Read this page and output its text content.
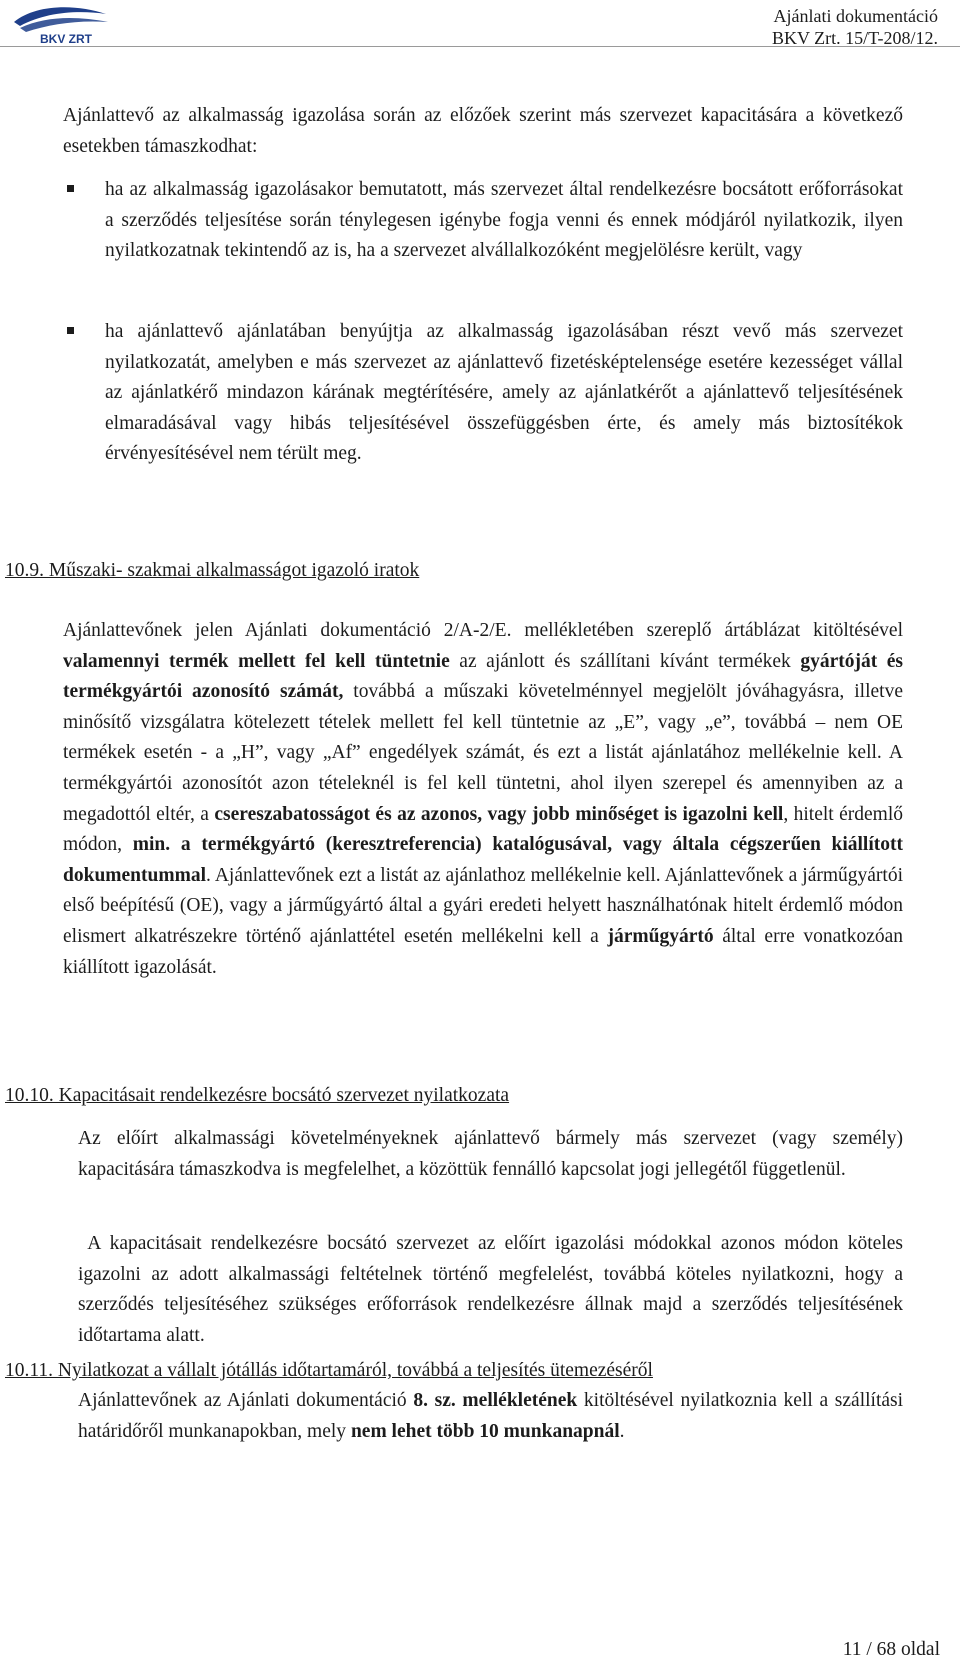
BKV ZRT
Ajánlati dokumentáció
BKV Zrt. 15/T-208/12.
Ajánlattevő az alkalmasság igazolása során az előzőek szerint más szervezet kapacitására a következő esetekben támaszkodhat:
ha az alkalmasság igazolásakor bemutatott, más szervezet által rendelkezésre bocsátott erőforrásokat a szerződés teljesítése során ténylegesen igénybe fogja venni és ennek módjáról nyilatkozik, ilyen nyilatkozatnak tekintendő az is, ha a szervezet alvállalkozóként megjelölésre került, vagy
ha ajánlattevő ajánlatában benyújtja az alkalmasság igazolásában részt vevő más szervezet nyilatkozatát, amelyben e más szervezet az ajánlattevő fizetésképtelensége esetére kezességet vállal az ajánlatkérő mindazon kárának megtérítésére, amely az ajánlatkérőt a ajánlattevő teljesítésének elmaradásával vagy hibás teljesítésével összefüggésben érte, és amely más biztosítékok érvényesítésével nem térült meg.
10.9. Műszaki- szakmai alkalmasságot igazoló iratok
Ajánlattevőnek jelen Ajánlati dokumentáció 2/A-2/E. mellékletében szereplő ártáblázat kitöltésével valamennyi termék mellett fel kell tüntetnie az ajánlott és szállítani kívánt termékek gyártóját és termékgyártói azonosító számát, továbbá a műszaki követelménnyel megjelölt jóváhagyásra, illetve minősítő vizsgálatra kötelezett tételek mellett fel kell tüntetnie az „E”, vagy „e”, továbbá – nem OE termékek esetén - a „H”, vagy „Af” engedélyek számát, és ezt a listát ajánlatához mellékelnie kell. A termékgyártói azonosítót azon tételeknél is fel kell tüntetni, ahol ilyen szerepel és amennyiben az a megadottól eltér, a csereszabatosságot és az azonos, vagy jobb minőséget is igazolni kell, hitelt érdemlő módon, min. a termékgyártó (keresztreferencia) katalógusával, vagy általa cégszerűen kiállított dokumentummal. Ajánlattevőnek ezt a listát az ajánlathoz mellékelnie kell. Ajánlattevőnek a járműgyártói első beépítésű (OE), vagy a járműgyártó által a gyári eredeti helyett használhatónak hitelt érdemlő módon elismert alkatrészekre történő ajánlattétel esetén mellékelni kell a járműgyártó által erre vonatkozóan kiállított igazolását.
10.10. Kapacitásait rendelkezésre bocsátó szervezet nyilatkozata
Az előírt alkalmassági követelményeknek ajánlattevő bármely más szervezet (vagy személy) kapacitására támaszkodva is megfelelhet, a közöttük fennálló kapcsolat jogi jellegétől függetlenül.
A kapacitásait rendelkezésre bocsátó szervezet az előírt igazolási módokkal azonos módon köteles igazolni az adott alkalmassági feltételnek történő megfelelést, továbbá köteles nyilatkozni, hogy a szerződés teljesítéséhez szükséges erőforrások rendelkezésre állnak majd a szerződés teljesítésének időtartama alatt.
10.11. Nyilatkozat a vállalt jótállás időtartamáról, továbbá a teljesítés ütemezéséről
Ajánlattevőnek az Ajánlati dokumentáció 8. sz. mellékletének kitöltésével nyilatkoznia kell a szállítási határidőről munkanapokban, mely nem lehet több 10 munkanapnál.
11 / 68 oldal
